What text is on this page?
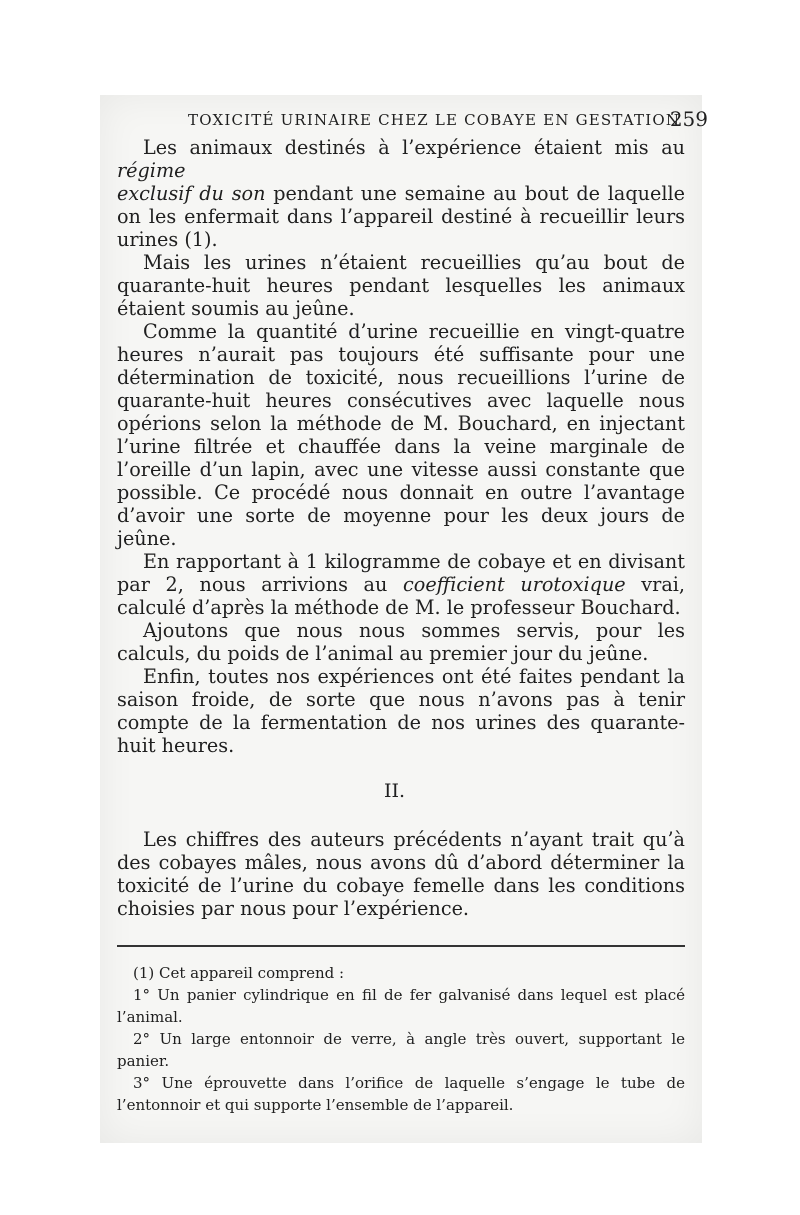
TOXICITÉ URINAIRE CHEZ LE COBAYE EN GESTATION
259

Les animaux destinés à l’expérience étaient mis au régime
exclusif du son pendant une semaine au bout de laquelle on les enfermait dans l’appareil destiné à recueillir leurs urines (1).

Mais les urines n’étaient recueillies qu’au bout de quarante-huit heures pendant lesquelles les animaux étaient soumis au jeûne.

Comme la quantité d’urine recueillie en vingt-quatre heures n’aurait pas toujours été suffisante pour une détermination de toxicité, nous recueillions l’urine de quarante-huit heures consécutives avec laquelle nous opérions selon la méthode de M. Bouchard, en injectant l’urine filtrée et chauffée dans la veine marginale de l’oreille d’un lapin, avec une vitesse aussi constante que possible. Ce procédé nous donnait en outre l’avantage d’avoir une sorte de moyenne pour les deux jours de jeûne.

En rapportant à 1 kilogramme de cobaye et en divisant par 2, nous arrivions au coefficient urotoxique vrai, calculé d’après la méthode de M. le professeur Bouchard.

Ajoutons que nous nous sommes servis, pour les calculs, du poids de l’animal au premier jour du jeûne.

Enfin, toutes nos expériences ont été faites pendant la saison froide, de sorte que nous n’avons pas à tenir compte de la fermentation de nos urines des quarante-huit heures.

II.

Les chiffres des auteurs précédents n’ayant trait qu’à des cobayes mâles, nous avons dû d’abord déterminer la toxicité de l’urine du cobaye femelle dans les conditions choisies par nous pour l’expérience.

(1) Cet appareil comprend :

1° Un panier cylindrique en fil de fer galvanisé dans lequel est placé l’animal.

2° Un large entonnoir de verre, à angle très ouvert, supportant le panier.

3° Une éprouvette dans l’orifice de laquelle s’engage le tube de l’entonnoir et qui supporte l’ensemble de l’appareil.
